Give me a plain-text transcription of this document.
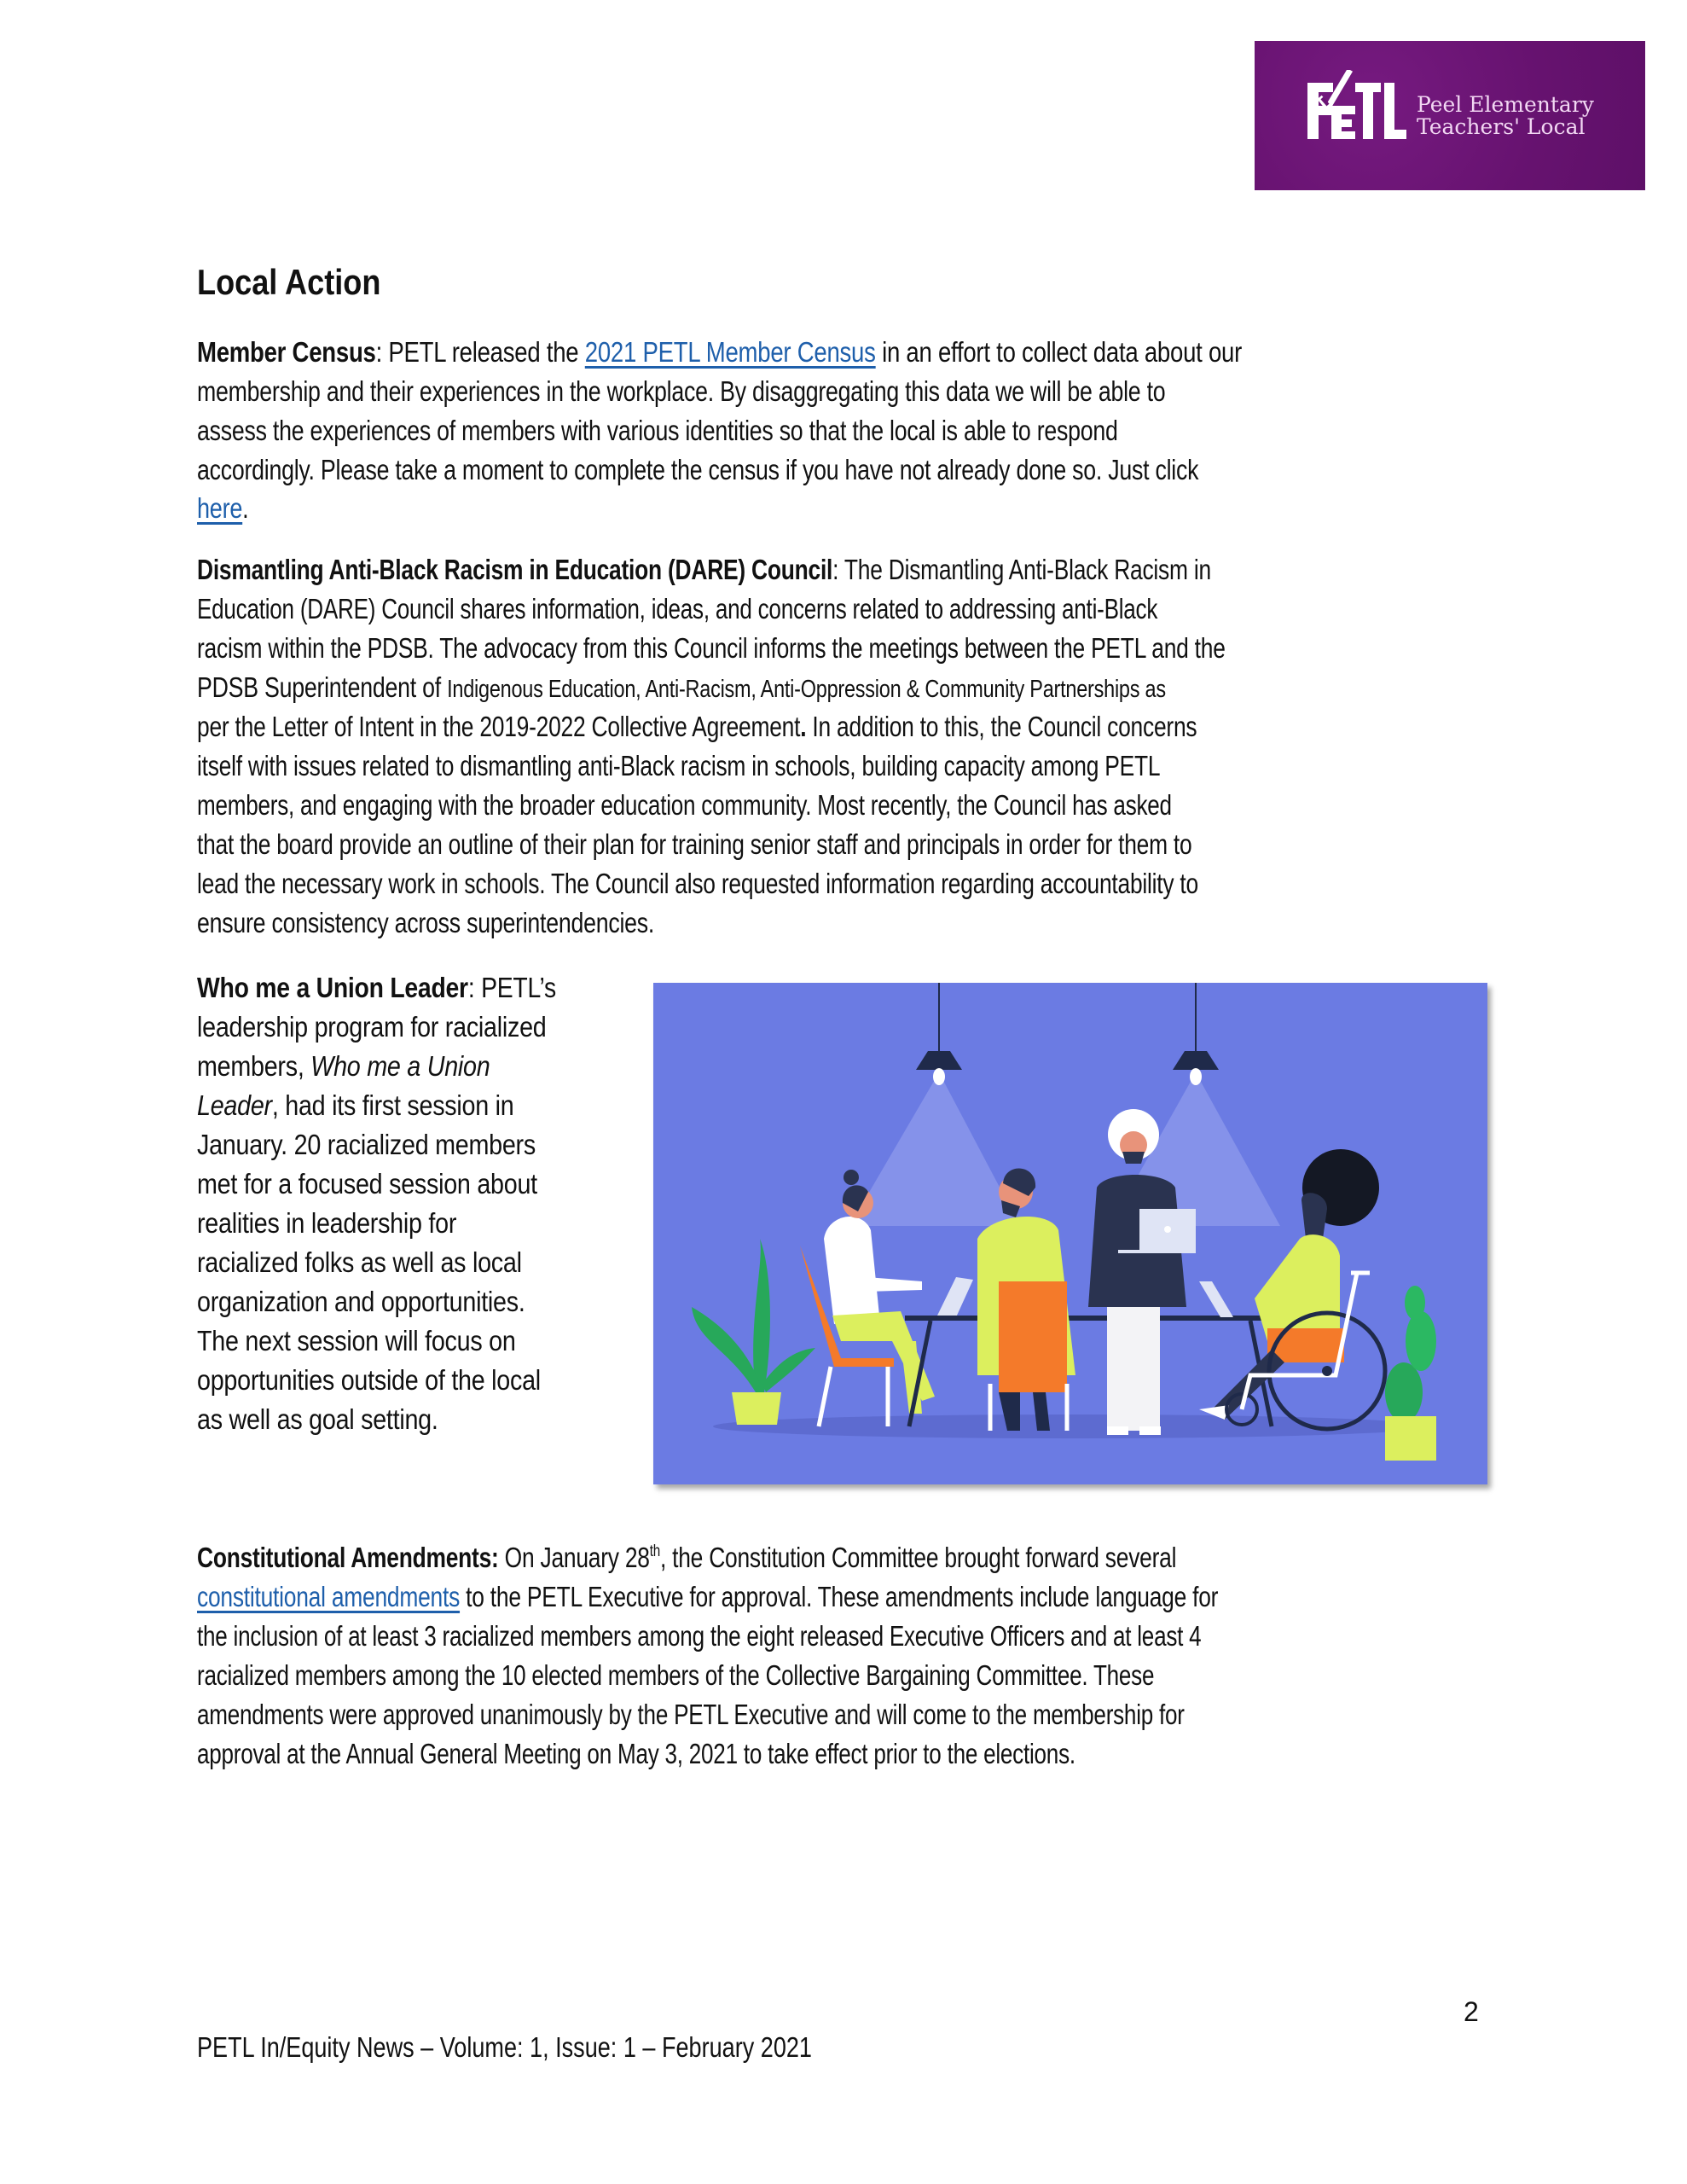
Peel Elementary
Teachers' Local
Local Action
Member Census: PETL released the 2021 PETL Member Census in an effort to collect data about our
membership and their experiences in the workplace. By disaggregating this data we will be able to
assess the experiences of members with various identities so that the local is able to respond
accordingly. Please take a moment to complete the census if you have not already done so. Just click
here.
Dismantling Anti-Black Racism in Education (DARE) Council: The Dismantling Anti-Black Racism in
Education (DARE) Council shares information, ideas, and concerns related to addressing anti-Black
racism within the PDSB. The advocacy from this Council informs the meetings between the PETL and the
PDSB Superintendent of Indigenous Education, Anti-Racism, Anti-Oppression & Community Partnerships as
per the Letter of Intent in the 2019-2022 Collective Agreement. In addition to this, the Council concerns
itself with issues related to dismantling anti-Black racism in schools, building capacity among PETL
members, and engaging with the broader education community. Most recently, the Council has asked
that the board provide an outline of their plan for training senior staff and principals in order for them to
lead the necessary work in schools. The Council also requested information regarding accountability to
ensure consistency across superintendencies.
Who me a Union Leader: PETL’s
leadership program for racialized
members, Who me a Union
Leader, had its first session in
January. 20 racialized members
met for a focused session about
realities in leadership for
racialized folks as well as local
organization and opportunities.
The next session will focus on
opportunities outside of the local
as well as goal setting.
Constitutional Amendments: On January 28th, the Constitution Committee brought forward several
constitutional amendments to the PETL Executive for approval. These amendments include language for
the inclusion of at least 3 racialized members among the eight released Executive Officers and at least 4
racialized members among the 10 elected members of the Collective Bargaining Committee. These
amendments were approved unanimously by the PETL Executive and will come to the membership for
approval at the Annual General Meeting on May 3, 2021 to take effect prior to the elections.
2
PETL In/Equity News – Volume: 1, Issue: 1 – February 2021
